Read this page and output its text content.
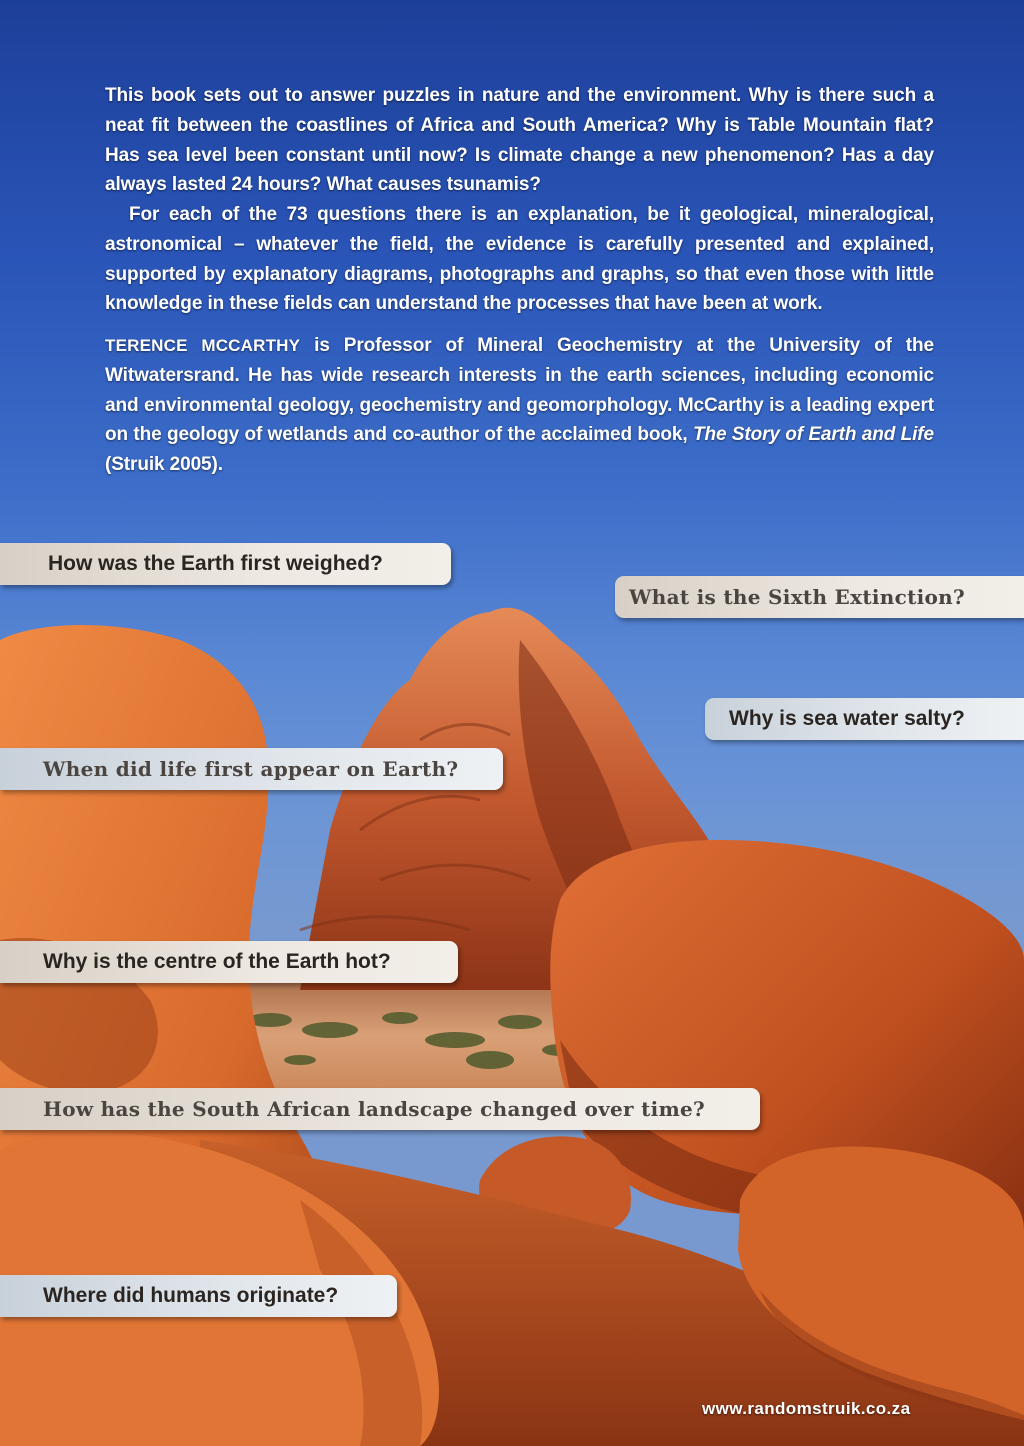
This book sets out to answer puzzles in nature and the environment. Why is there such a neat fit between the coastlines of Africa and South America? Why is Table Mountain flat? Has sea level been constant until now? Is climate change a new phenomenon? Has a day always lasted 24 hours? What causes tsunamis?

For each of the 73 questions there is an explanation, be it geological, mineralogical, astronomical – whatever the field, the evidence is carefully presented and explained, supported by explanatory diagrams, photographs and graphs, so that even those with little knowledge in these fields can understand the processes that have been at work.

TERENCE MCCARTHY is Professor of Mineral Geochemistry at the University of the Witwatersrand. He has wide research interests in the earth sciences, including economic and environmental geology, geochemistry and geomorphology. McCarthy is a leading expert on the geology of wetlands and co-author of the acclaimed book, The Story of Earth and Life (Struik 2005).

How was the Earth first weighed?
What is the Sixth Extinction?
Why is sea water salty?
When did life first appear on Earth?
Why is the centre of the Earth hot?
How has the South African landscape changed over time?
Where did humans originate?
www.randomstruik.co.za
